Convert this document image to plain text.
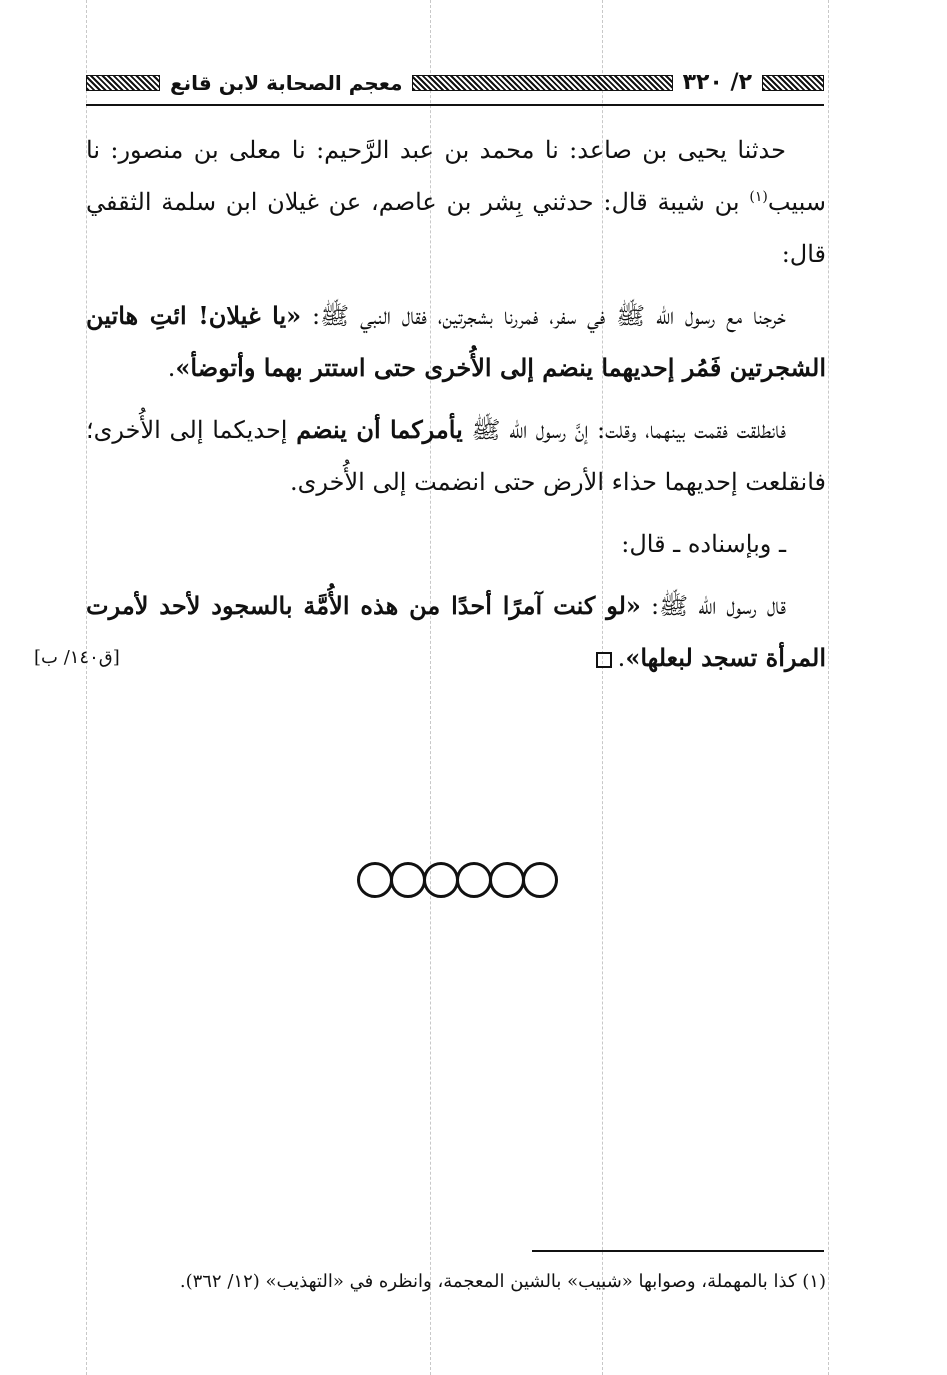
٢/ ٣٢٠
معجم الصحابة لابن قانع

حدثنا يحيى بن صاعد: نا محمد بن عبد الرَّحيم: نا معلى بن منصور: نا سبيب$^{(١)}$ بن شيبة قال: حدثني بِشر بن عاصم، عن غيلان ابن سلمة الثقفي قال:

خرجنا مع رسول الله ﷺ في سفر، فمررنا بشجرتين، فقال النبي ﷺ: «يا غيلان! ائتِ هاتين الشجرتين فَمُر إحديهما ينضم إلى الأُخرى حتى استتر بهما وأتوضأ».

فانطلقت فقمت بينهما، وقلت: إنَّ رسول الله ﷺ يأمركما أن ينضم إحديكما إلى الأُخرى؛ فانقلعت إحديهما حذاء الأرض حتى انضمت إلى الأُخرى.

ـ وبإسناده ـ قال:

قال رسول الله ﷺ: «لو كنت آمرًا أحدًا من هذه الأُمَّة بالسجود لأحد لأمرت المرأة تسجد لبعلها».
[ق١٤٠/ ب]

(١) كذا بالمهملة، وصوابها «شبيب» بالشين المعجمة، وانظره في «التهذيب» (١٢/ ٣٦٢).
